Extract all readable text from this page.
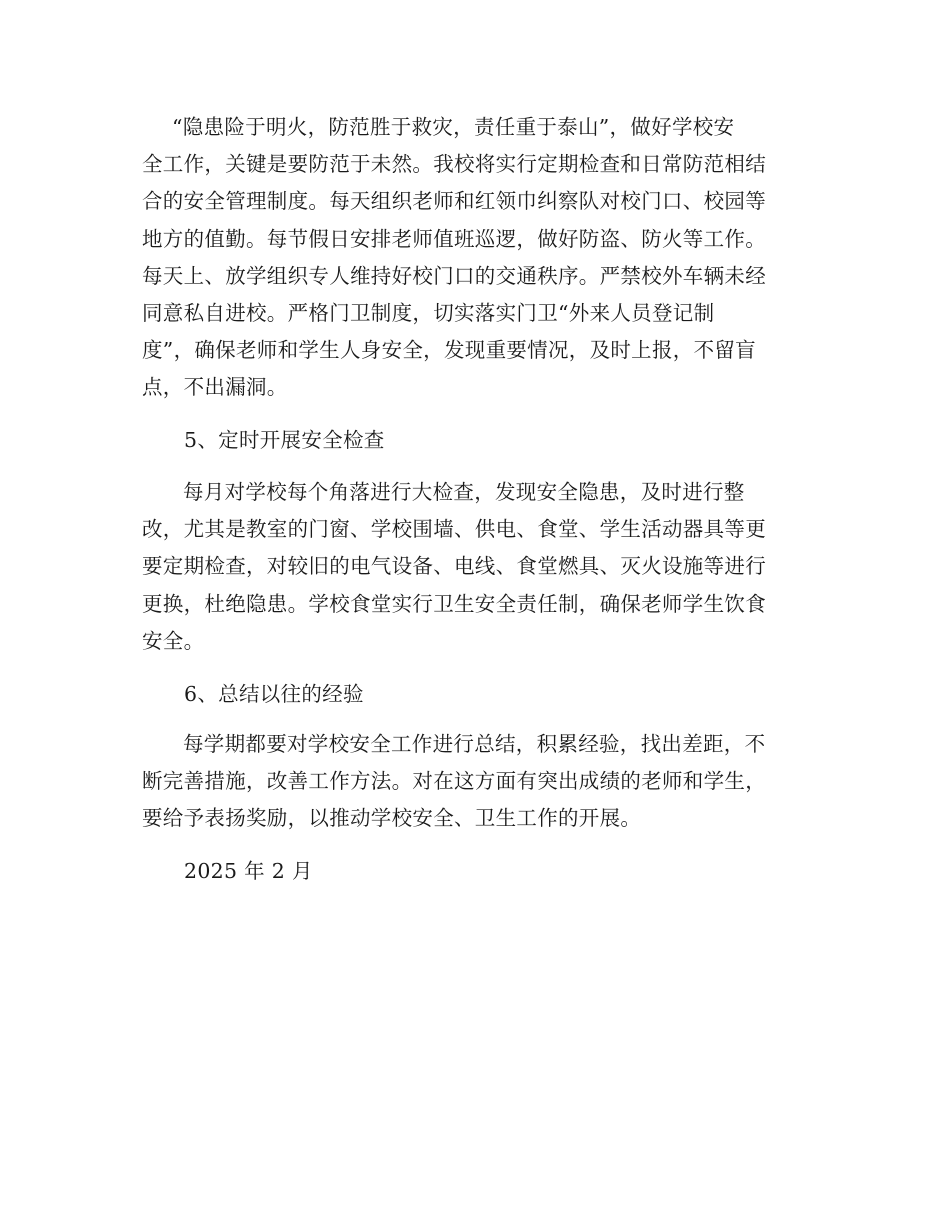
“隐患险于明火，防范胜于救灾，责任重于泰山”，做好学校安
全工作，关键是要防范于未然。我校将实行定期检查和日常防范相结
合的安全管理制度。每天组织老师和红领巾纠察队对校门口、校园等
地方的值勤。每节假日安排老师值班巡逻，做好防盗、防火等工作。
每天上、放学组织专人维持好校门口的交通秩序。严禁校外车辆未经
同意私自进校。严格门卫制度，切实落实门卫“外来人员登记制
度”，确保老师和学生人身安全，发现重要情况，及时上报，不留盲
点，不出漏洞。

5、定时开展安全检查

每月对学校每个角落进行大检查，发现安全隐患，及时进行整
改，尤其是教室的门窗、学校围墙、供电、食堂、学生活动器具等更
要定期检查，对较旧的电气设备、电线、食堂燃具、灭火设施等进行
更换，杜绝隐患。学校食堂实行卫生安全责任制，确保老师学生饮食
安全。

6、总结以往的经验

每学期都要对学校安全工作进行总结，积累经验，找出差距，不
断完善措施，改善工作方法。对在这方面有突出成绩的老师和学生，
要给予表扬奖励，以推动学校安全、卫生工作的开展。

2025 年 2 月
